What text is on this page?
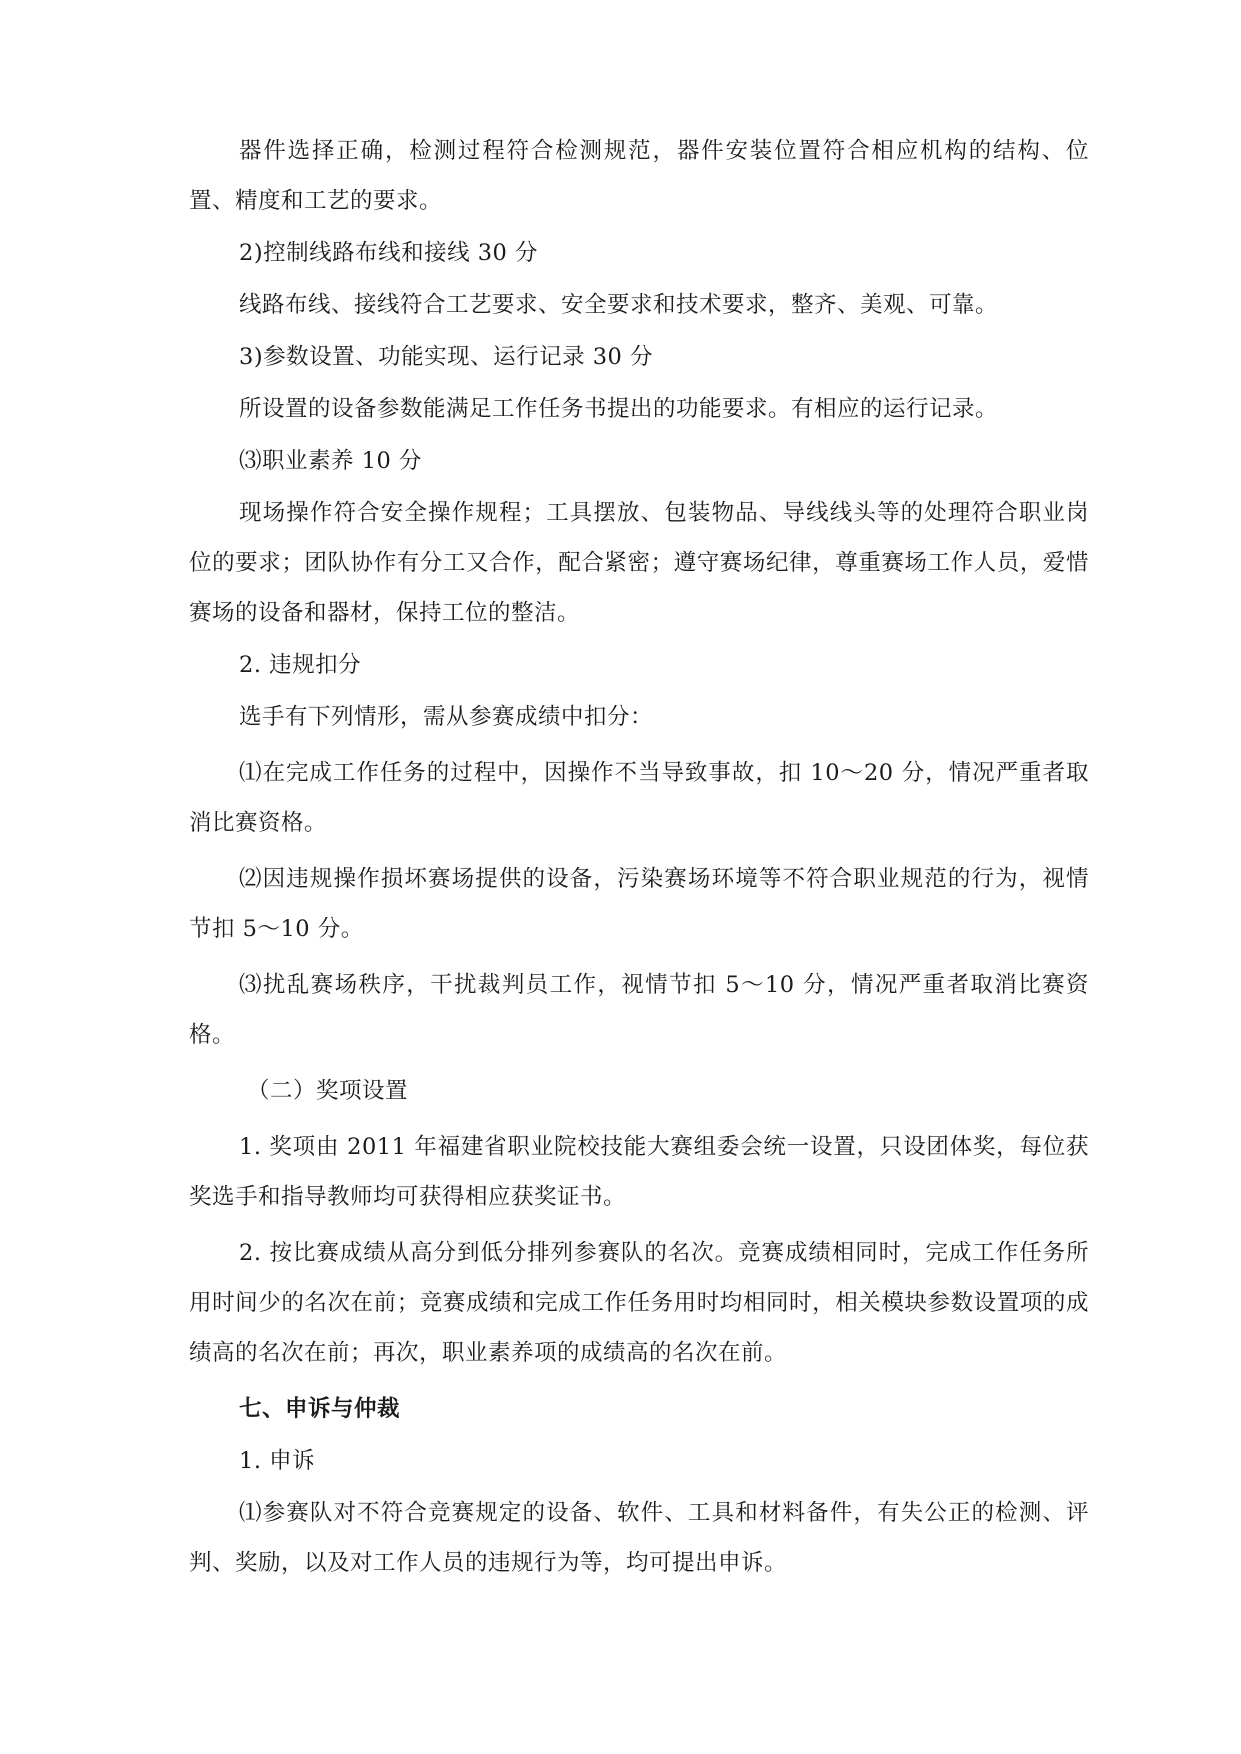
器件选择正确，检测过程符合检测规范，器件安装位置符合相应机构的结构、位置、精度和工艺的要求。

2)控制线路布线和接线 30 分

线路布线、接线符合工艺要求、安全要求和技术要求，整齐、美观、可靠。

3)参数设置、功能实现、运行记录 30 分

所设置的设备参数能满足工作任务书提出的功能要求。有相应的运行记录。

⑶职业素养 10 分

现场操作符合安全操作规程；工具摆放、包装物品、导线线头等的处理符合职业岗位的要求；团队协作有分工又合作，配合紧密；遵守赛场纪律，尊重赛场工作人员，爱惜赛场的设备和器材，保持工位的整洁。

2. 违规扣分

选手有下列情形，需从参赛成绩中扣分：

⑴在完成工作任务的过程中，因操作不当导致事故，扣 10～20 分，情况严重者取消比赛资格。

⑵因违规操作损坏赛场提供的设备，污染赛场环境等不符合职业规范的行为，视情节扣 5～10 分。

⑶扰乱赛场秩序，干扰裁判员工作，视情节扣 5～10 分，情况严重者取消比赛资格。

（二）奖项设置

1. 奖项由 2011 年福建省职业院校技能大赛组委会统一设置，只设团体奖，每位获奖选手和指导教师均可获得相应获奖证书。

2. 按比赛成绩从高分到低分排列参赛队的名次。竞赛成绩相同时，完成工作任务所用时间少的名次在前；竞赛成绩和完成工作任务用时均相同时，相关模块参数设置项的成绩高的名次在前；再次，职业素养项的成绩高的名次在前。

七、申诉与仲裁

1. 申诉

⑴参赛队对不符合竞赛规定的设备、软件、工具和材料备件，有失公正的检测、评判、奖励，以及对工作人员的违规行为等，均可提出申诉。
